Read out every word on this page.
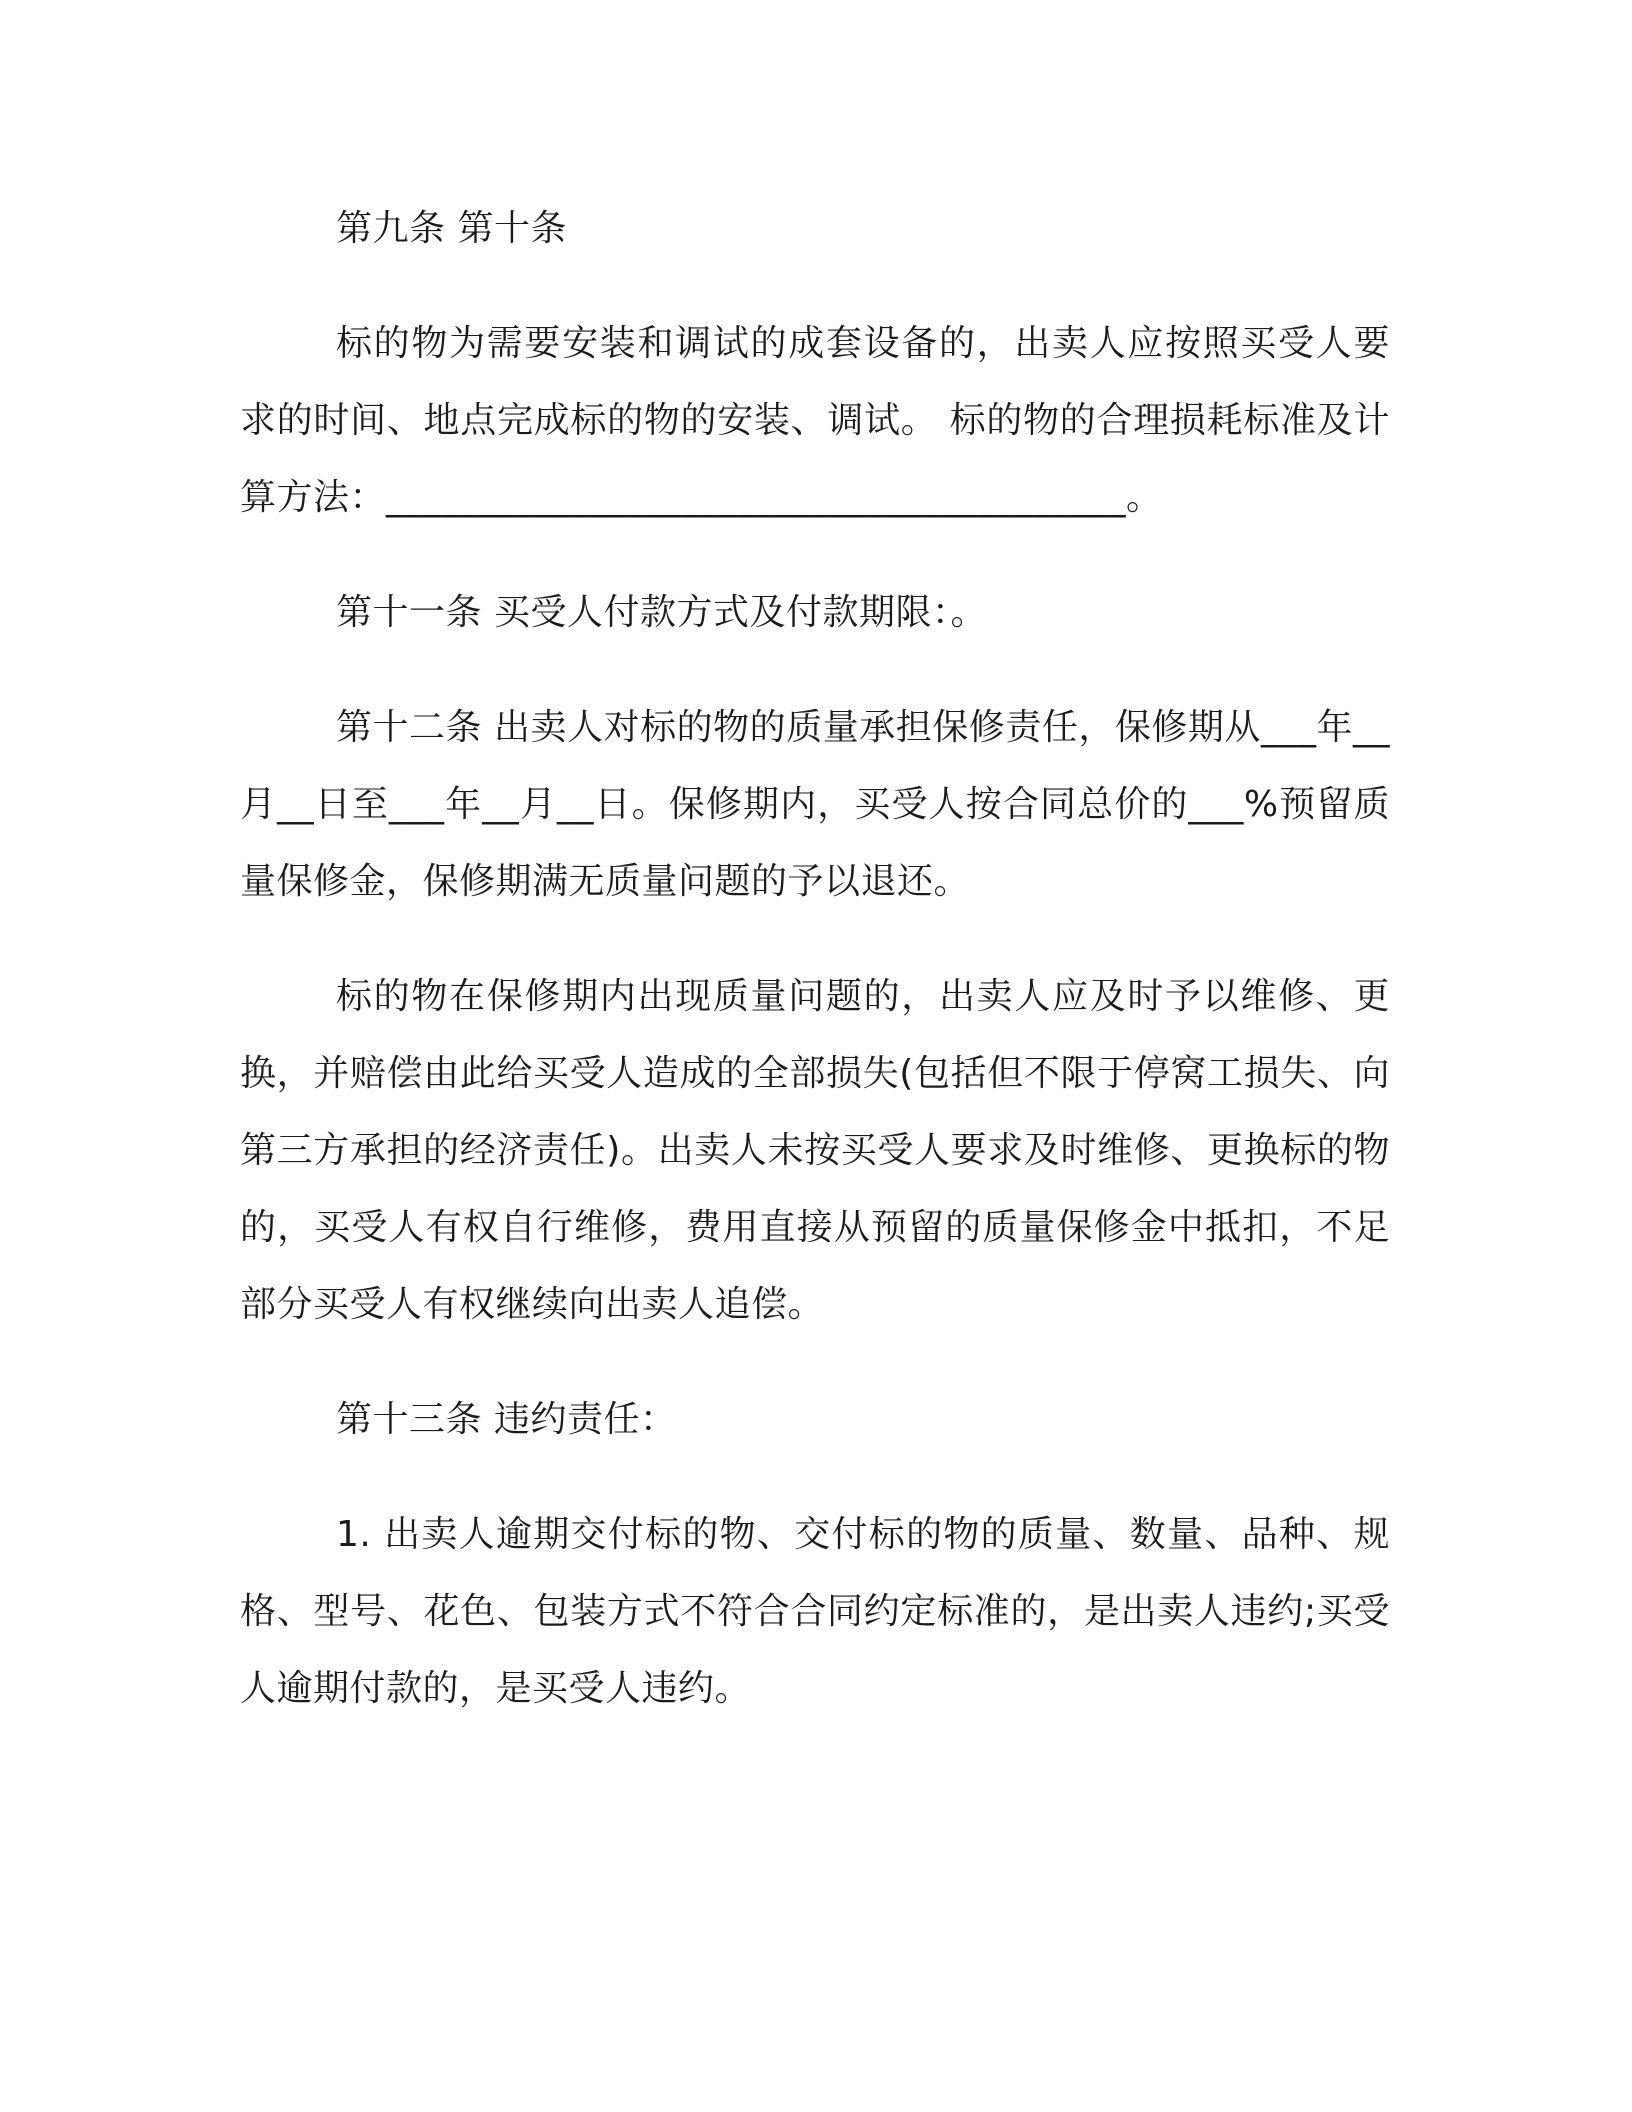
第九条 第十条

标的物为需要安装和调试的成套设备的，出卖人应按照买受人要求的时间、地点完成标的物的安装、调试。 标的物的合理损耗标准及计算方法：________________________________________。

第十一条 买受人付款方式及付款期限：。

第十二条 出卖人对标的物的质量承担保修责任，保修期从___年__月__日至___年__月__日。保修期内，买受人按合同总价的___%预留质量保修金，保修期满无质量问题的予以退还。

标的物在保修期内出现质量问题的，出卖人应及时予以维修、更换，并赔偿由此给买受人造成的全部损失(包括但不限于停窝工损失、向第三方承担的经济责任)。出卖人未按买受人要求及时维修、更换标的物的，买受人有权自行维修，费用直接从预留的质量保修金中抵扣，不足部分买受人有权继续向出卖人追偿。

第十三条 违约责任：

1. 出卖人逾期交付标的物、交付标的物的质量、数量、品种、规格、型号、花色、包装方式不符合合同约定标准的，是出卖人违约;买受人逾期付款的，是买受人违约。
